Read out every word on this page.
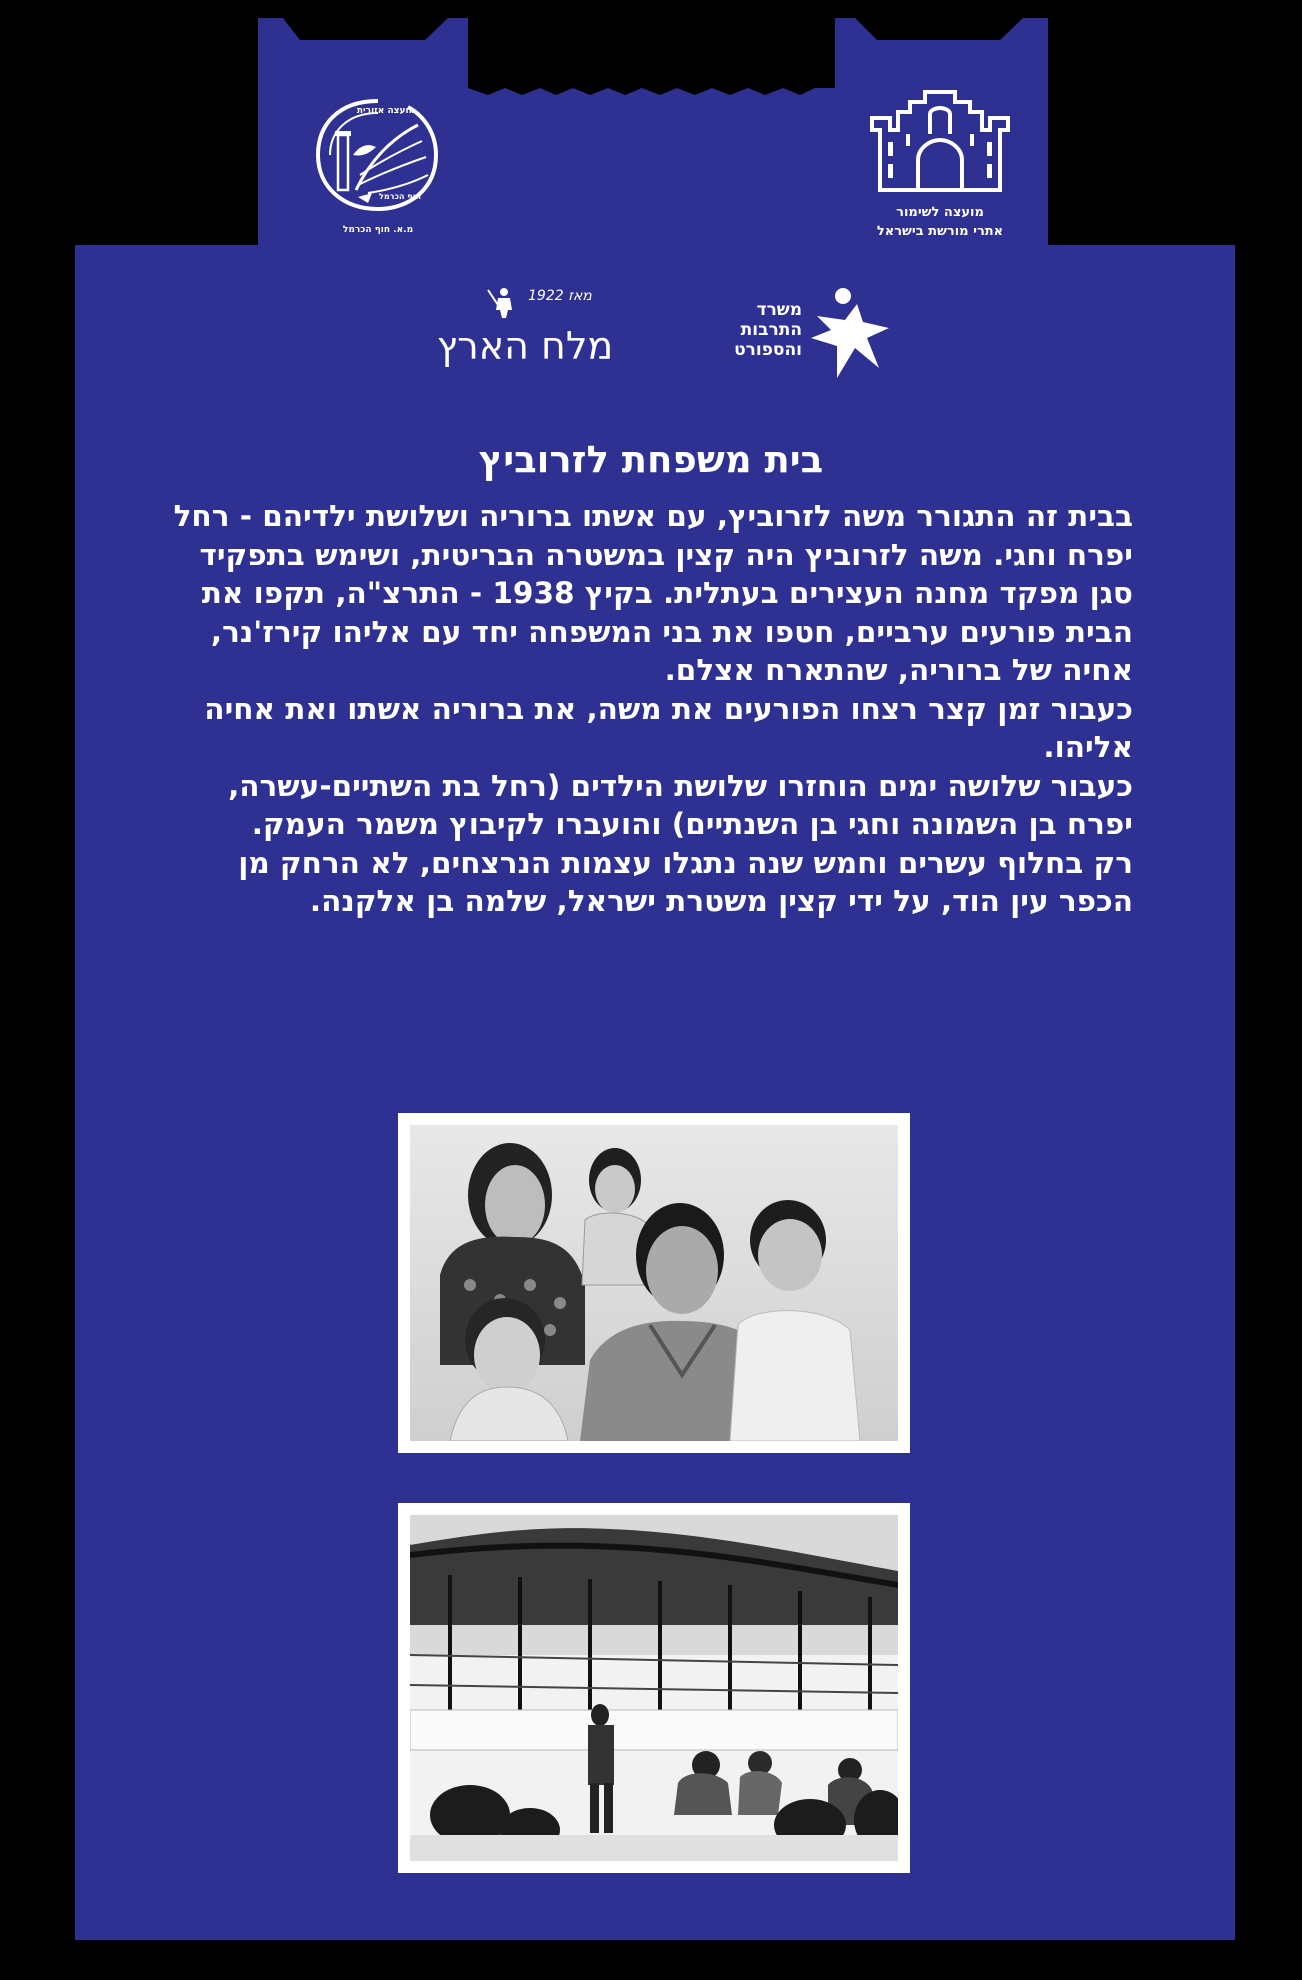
מועצה אזורית
חוף הכרמל
מ.א. חוף הכרמל
מועצה לשימור
אתרי מורשת בישראל
משרד
התרבות
והספורט
מאז 1922
מלח הארץ
בית משפחת לזרוביץ

בבית זה התגורר משה לזרוביץ, עם אשתו ברוריה ושלושת ילדיהם - רחל יפרח וחגי. משה לזרוביץ היה קצין במשטרה הבריטית, ושימש בתפקיד סגן מפקד מחנה העצירים בעתלית. בקיץ 1938 - התרצ"ה, תקפו את הבית פורעים ערביים, חטפו את בני המשפחה יחד עם אליהו קירז'נר, אחיה של ברוריה, שהתארח אצלם.

כעבור זמן קצר רצחו הפורעים את משה, את ברוריה אשתו ואת אחיה אליהו.

כעבור שלושה ימים הוחזרו שלושת הילדים (רחל בת השתיים-עשרה, יפרח בן השמונה וחגי בן השנתיים) והועברו לקיבוץ משמר העמק.

רק בחלוף עשרים וחמש שנה נתגלו עצמות הנרצחים, לא הרחק מן הכפר עין הוד, על ידי קצין משטרת ישראל, שלמה בן אלקנה.
